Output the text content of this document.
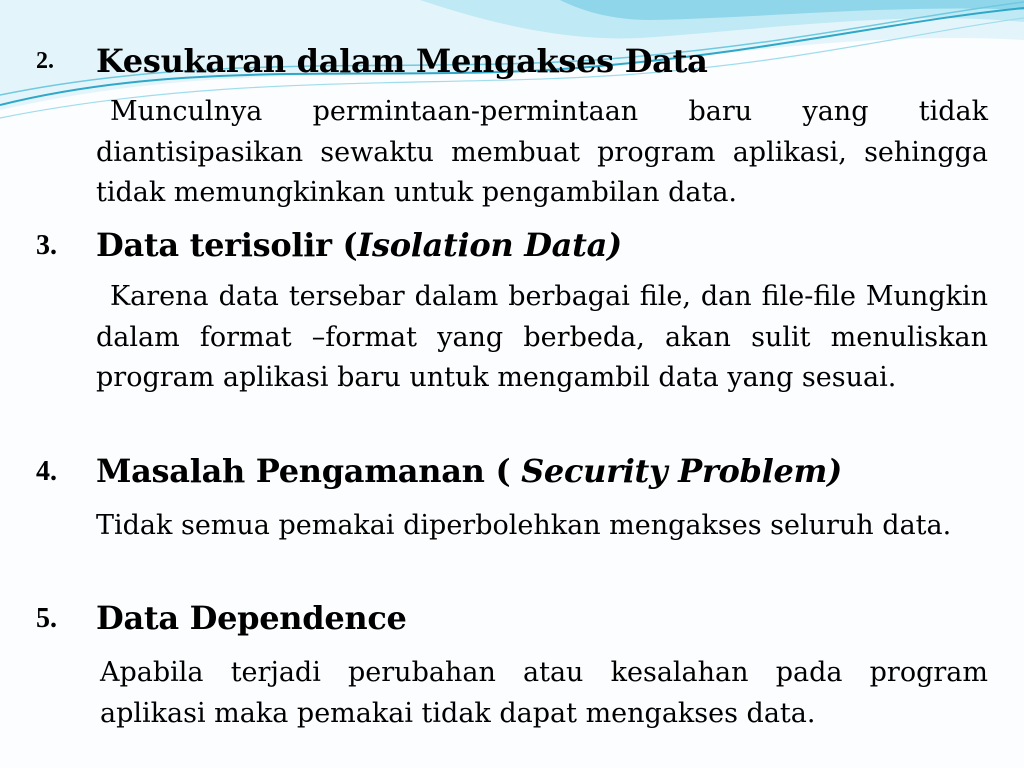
2. Kesukaran dalam Mengakses Data
Munculnya permintaan-permintaan baru yang tidak diantisipasikan sewaktu membuat program aplikasi, sehingga tidak memungkinkan untuk pengambilan data.
3. Data terisolir (Isolation Data)
Karena data tersebar dalam berbagai file, dan file-file Mungkin dalam format –format yang berbeda, akan sulit menuliskan program aplikasi baru untuk mengambil data yang sesuai.
4. Masalah Pengamanan ( Security Problem)
Tidak semua pemakai diperbolehkan mengakses seluruh data.
5. Data Dependence
Apabila terjadi perubahan atau kesalahan pada program aplikasi maka pemakai tidak dapat mengakses data.
